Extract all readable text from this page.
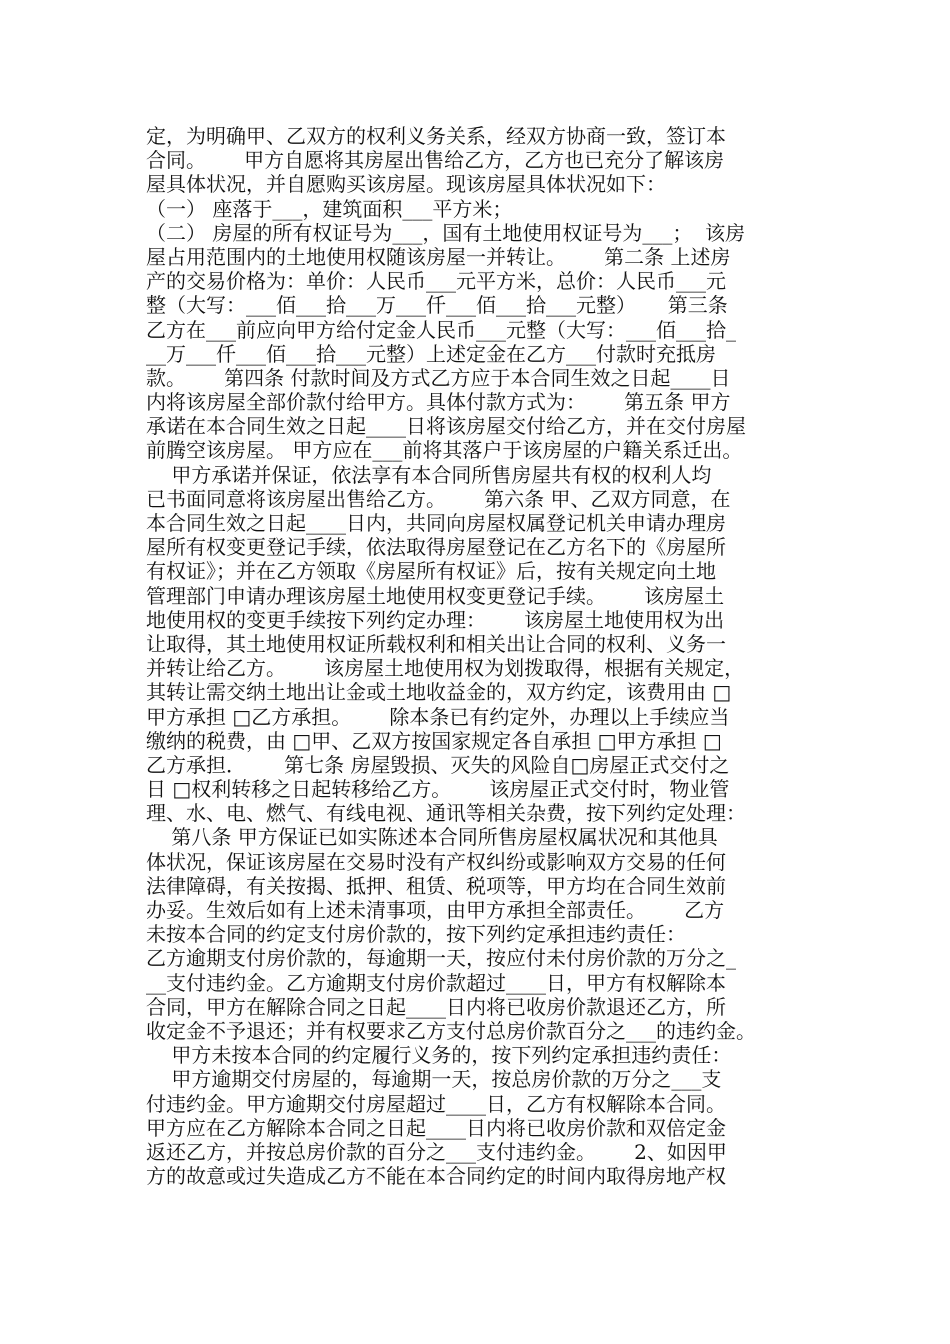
定，为明确甲、乙双方的权利义务关系，经双方协商一致，签订本
合同。      甲方自愿将其房屋出售给乙方，乙方也已充分了解该房
屋具体状况，并自愿购买该房屋。现该房屋具体状况如下：
（一） 座落于___，建筑面积___平方米；
（二） 房屋的所有权证号为___，国有土地使用权证号为___；  该房
屋占用范围内的土地使用权随该房屋一并转让。      第二条 上述房
产的交易价格为：单价：人民币___元平方米，总价：人民币___元
整（大写：___佰___拾___万___仟___佰___拾___元整）     第三条
乙方在___前应向甲方给付定金人民币___元整（大写：___佰___拾_
__万___仟___佰___拾___元整）上述定金在乙方___付款时充抵房
款。      第四条 付款时间及方式乙方应于本合同生效之日起____日
内将该房屋全部价款付给甲方。具体付款方式为：      第五条 甲方
承诺在本合同生效之日起____日将该房屋交付给乙方，并在交付房屋
前腾空该房屋。 甲方应在___前将其落户于该房屋的户籍关系迁出。
甲方承诺并保证，依法享有本合同所售房屋共有权的权利人均
已书面同意将该房屋出售给乙方。      第六条 甲、乙双方同意，在
本合同生效之日起____日内，共同向房屋权属登记机关申请办理房
屋所有权变更登记手续，依法取得房屋登记在乙方名下的《房屋所
有权证》；并在乙方领取《房屋所有权证》后，按有关规定向土地
管理部门申请办理该房屋土地使用权变更登记手续。      该房屋土
地使用权的变更手续按下列约定办理：      该房屋土地使用权为出
让取得，其土地使用权证所载权利和相关出让合同的权利、义务一
并转让给乙方。      该房屋土地使用权为划拨取得，根据有关规定，
其转让需交纳土地出让金或土地收益金的，双方约定，该费用由 □
甲方承担 □乙方承担。      除本条已有约定外，办理以上手续应当
缴纳的税费，由 □甲、乙双方按国家规定各自承担 □甲方承担 □
乙方承担．      第七条 房屋毁损、灭失的风险自□房屋正式交付之
日 □权利转移之日起转移给乙方。      该房屋正式交付时，物业管
理、水、电、燃气、有线电视、通讯等相关杂费，按下列约定处理：
第八条 甲方保证已如实陈述本合同所售房屋权属状况和其他具
体状况，保证该房屋在交易时没有产权纠纷或影响双方交易的任何
法律障碍，有关按揭、抵押、租赁、税项等，甲方均在合同生效前
办妥。生效后如有上述未清事项，由甲方承担全部责任。      乙方
未按本合同的约定支付房价款的，按下列约定承担违约责任：
乙方逾期支付房价款的，每逾期一天，按应付未付房价款的万分之_
__支付违约金。乙方逾期支付房价款超过____日，甲方有权解除本
合同，甲方在解除合同之日起____日内将已收房价款退还乙方，所
收定金不予退还；并有权要求乙方支付总房价款百分之___的违约金。
甲方未按本合同的约定履行义务的，按下列约定承担违约责任：
甲方逾期交付房屋的，每逾期一天，按总房价款的万分之___支
付违约金。甲方逾期交付房屋超过____日，乙方有权解除本合同。
甲方应在乙方解除本合同之日起____日内将已收房价款和双倍定金
返还乙方，并按总房价款的百分之___支付违约金。      2、如因甲
方的故意或过失造成乙方不能在本合同约定的时间内取得房地产权
